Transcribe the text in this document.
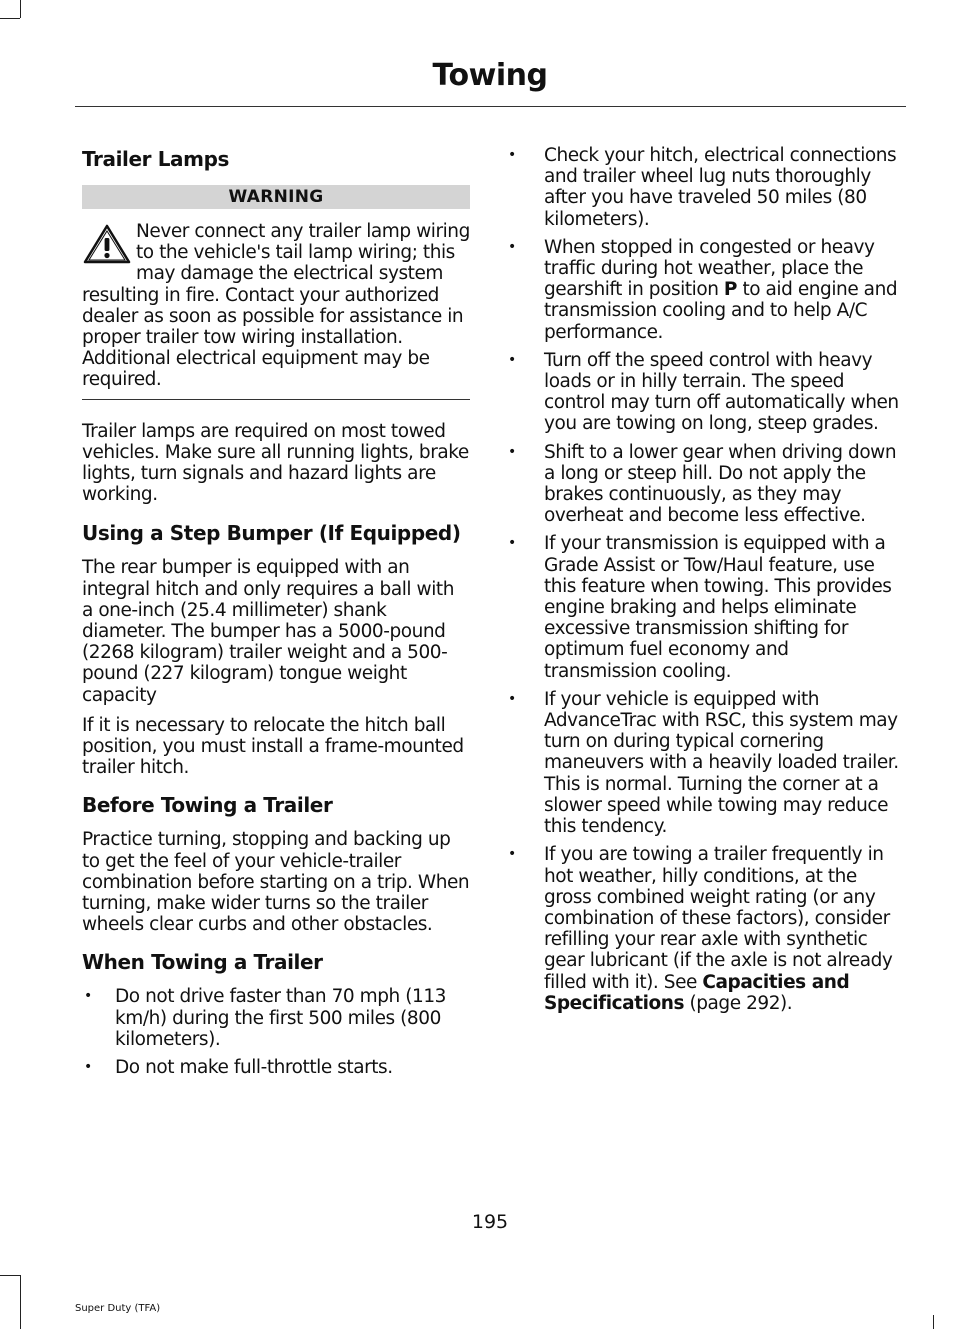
Towing
Trailer Lamps
WARNING

Never connect any trailer lamp wiring to the vehicle's tail lamp wiring; this may damage the electrical system resulting in fire. Contact your authorized dealer as soon as possible for assistance in proper trailer tow wiring installation. Additional electrical equipment may be required.

Trailer lamps are required on most towed vehicles. Make sure all running lights, brake lights, turn signals and hazard lights are working.

Using a Step Bumper (If Equipped)

The rear bumper is equipped with an integral hitch and only requires a ball with a one-inch (25.4 millimeter) shank diameter. The bumper has a 5000-pound (2268 kilogram) trailer weight and a 500-pound (227 kilogram) tongue weight capacity

If it is necessary to relocate the hitch ball position, you must install a frame-mounted trailer hitch.

Before Towing a Trailer

Practice turning, stopping and backing up to get the feel of your vehicle-trailer combination before starting on a trip. When turning, make wider turns so the trailer wheels clear curbs and other obstacles.

When Towing a Trailer
• Do not drive faster than 70 mph (113 km/h) during the first 500 miles (800 kilometers).
• Do not make full-throttle starts.
• Check your hitch, electrical connections and trailer wheel lug nuts thoroughly after you have traveled 50 miles (80 kilometers).
• When stopped in congested or heavy traffic during hot weather, place the gearshift in position P to aid engine and transmission cooling and to help A/C performance.
• Turn off the speed control with heavy loads or in hilly terrain. The speed control may turn off automatically when you are towing on long, steep grades.
• Shift to a lower gear when driving down a long or steep hill. Do not apply the brakes continuously, as they may overheat and become less effective.
• If your transmission is equipped with a Grade Assist or Tow/Haul feature, use this feature when towing. This provides engine braking and helps eliminate excessive transmission shifting for optimum fuel economy and transmission cooling.
• If your vehicle is equipped with AdvanceTrac with RSC, this system may turn on during typical cornering maneuvers with a heavily loaded trailer. This is normal. Turning the corner at a slower speed while towing may reduce this tendency.
• If you are towing a trailer frequently in hot weather, hilly conditions, at the gross combined weight rating (or any combination of these factors), consider refilling your rear axle with synthetic gear lubricant (if the axle is not already filled with it). See Capacities and Specifications (page 292).
195
Super Duty (TFA)
